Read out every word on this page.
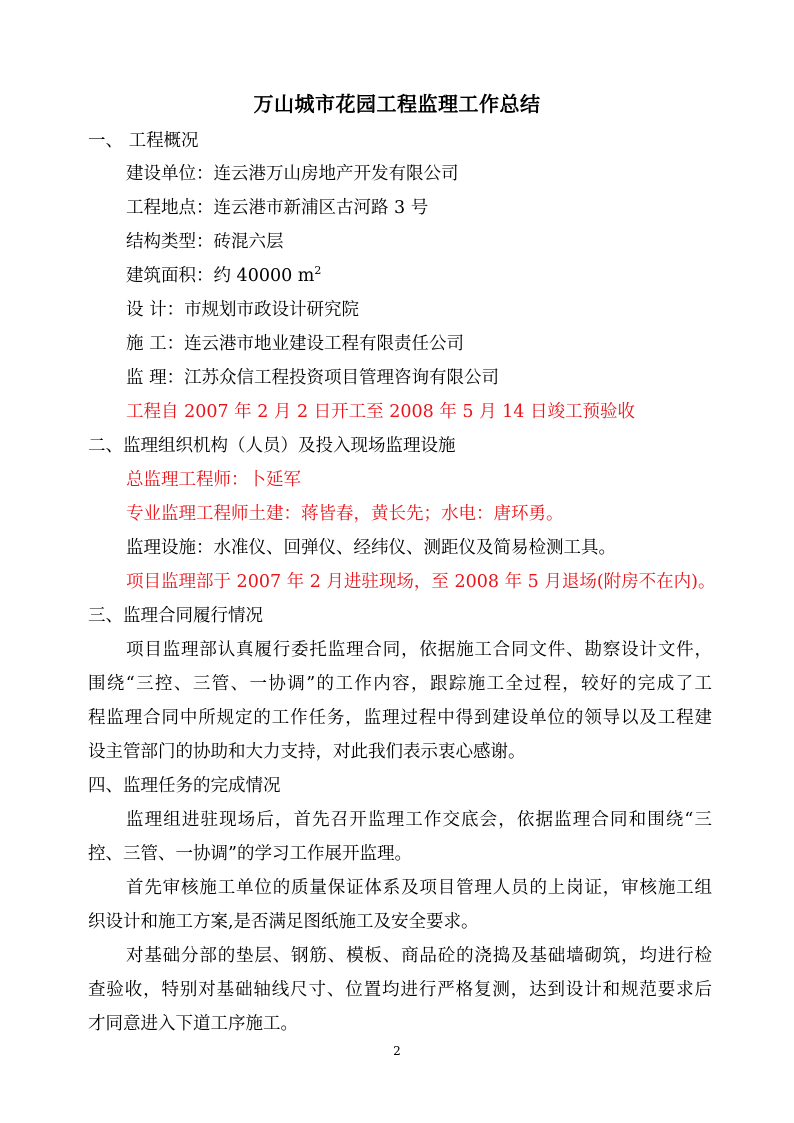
万山城市花园工程监理工作总结
一、 工程概况
建设单位：连云港万山房地产开发有限公司
工程地点：连云港市新浦区古河路 3 号
结构类型：砖混六层
建筑面积：约 40000 $m^2$
设 计：市规划市政设计研究院
施 工：连云港市地业建设工程有限责任公司
监 理：江苏众信工程投资项目管理咨询有限公司
工程自 2007 年 2 月 2 日开工至 2008 年 5 月 14 日竣工预验收
二、监理组织机构（人员）及投入现场监理设施
总监理工程师：卜延军
专业监理工程师土建：蒋皆春，黄长先；水电：唐环勇。
监理设施：水准仪、回弹仪、经纬仪、测距仪及简易检测工具。
项目监理部于 2007 年 2 月进驻现场，至 2008 年 5 月退场(附房不在内)。
三、监理合同履行情况
项目监理部认真履行委托监理合同，依据施工合同文件、勘察设计文件，
围绕“三控、三管、一协调”的工作内容，跟踪施工全过程，较好的完成了工
程监理合同中所规定的工作任务，监理过程中得到建设单位的领导以及工程建
设主管部门的协助和大力支持，对此我们表示衷心感谢。
四、监理任务的完成情况
监理组进驻现场后，首先召开监理工作交底会，依据监理合同和围绕“三
控、三管、一协调”的学习工作展开监理。
首先审核施工单位的质量保证体系及项目管理人员的上岗证，审核施工组
织设计和施工方案,是否满足图纸施工及安全要求。
对基础分部的垫层、钢筋、模板、商品砼的浇捣及基础墙砌筑，均进行检
查验收，特别对基础轴线尺寸、位置均进行严格复测，达到设计和规范要求后
才同意进入下道工序施工。
2
